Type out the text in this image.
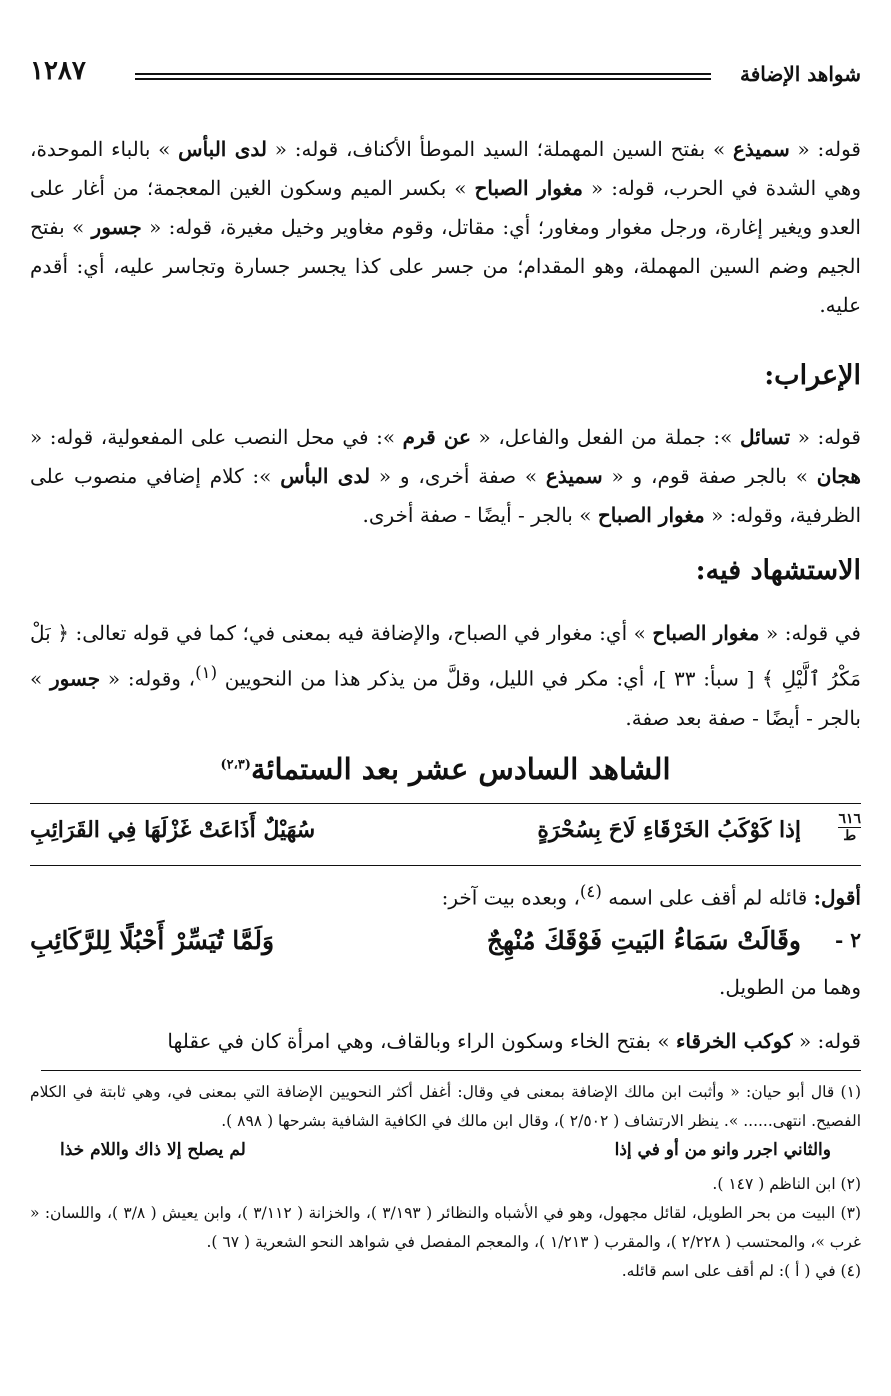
شواهد الإضافة
١٢٨٧
قوله: « سميذع » بفتح السين المهملة؛ السيد الموطأ الأكناف، قوله: « لدى البأس » بالباء الموحدة، وهي الشدة في الحرب، قوله: « مغوار الصباح » بكسر الميم وسكون الغين المعجمة؛ من أغار على العدو ويغير إغارة، ورجل مغوار ومغاور؛ أي: مقاتل، وقوم مغاوير وخيل مغيرة، قوله: « جسور » بفتح الجيم وضم السين المهملة، وهو المقدام؛ من جسر على كذا يجسر جسارة وتجاسر عليه، أي: أقدم عليه.
الإعراب:
قوله: « تسائل »: جملة من الفعل والفاعل، « عن قرم »: في محل النصب على المفعولية، قوله: « هجان » بالجر صفة قوم، و « سميذع » صفة أخرى، و « لدى البأس »: كلام إضافي منصوب على الظرفية، وقوله: « مغوار الصباح » بالجر - أيضًا - صفة أخرى.
الاستشهاد فيه:
في قوله: « مغوار الصباح » أي: مغوار في الصباح، والإضافة فيه بمعنى في؛ كما في قوله تعالى: ﴿ بَلْ مَكْرُ ٱلَّيْلِ ﴾ [ سبأ: ٣٣ ]، أي: مكر في الليل، وقلَّ من يذكر هذا من النحويين $^{(١)}$، وقوله: « جسور » بالجر - أيضًا - صفة بعد صفة.
الشاهد السادس عشر بعد الستمائة$^{(٢،٣)}$
٦١٦
ط
إذا كَوْكَبُ الخَرْقَاءِ لَاحَ بِسُحْرَةٍ
سُهَيْلٌ أَذَاعَتْ غَزْلَهَا فِي القَرَائِبِ
أقول: قائله لم أقف على اسمه $^{(٤)}$، وبعده بيت آخر:
٢ -
وقَالَتْ سَمَاءُ البَيتِ فَوْقَكَ مُنْهِجٌ
وَلَمَّا تُيَسِّرْ أَحْبُلًا لِلرَّكَائِبِ
وهما من الطويل.
قوله: « كوكب الخرقاء » بفتح الخاء وسكون الراء وبالقاف، وهي امرأة كان في عقلها

(١) قال أبو حيان: « وأثبت ابن مالك الإضافة بمعنى في وقال: أغفل أكثر النحويين الإضافة التي بمعنى في، وهي ثابتة في الكلام الفصيح. انتهى...... ». ينظر الارتشاف ( ٢/٥٠٢ )، وقال ابن مالك في الكافية الشافية بشرحها ( ٨٩٨ ).

والثاني اجرر وانو من أو في إذا
لم يصلح إلا ذاك واللام خذا

(٢) ابن الناظم ( ١٤٧ ).

(٣) البيت من بحر الطويل، لقائل مجهول، وهو في الأشباه والنظائر ( ٣/١٩٣ )، والخزانة ( ٣/١١٢ )، وابن يعيش ( ٣/٨ )، واللسان: « غرب »، والمحتسب ( ٢/٢٢٨ )، والمقرب ( ١/٢١٣ )، والمعجم المفصل في شواهد النحو الشعرية ( ٦٧ ).

(٤) في ( أ ): لم أقف على اسم قائله.
